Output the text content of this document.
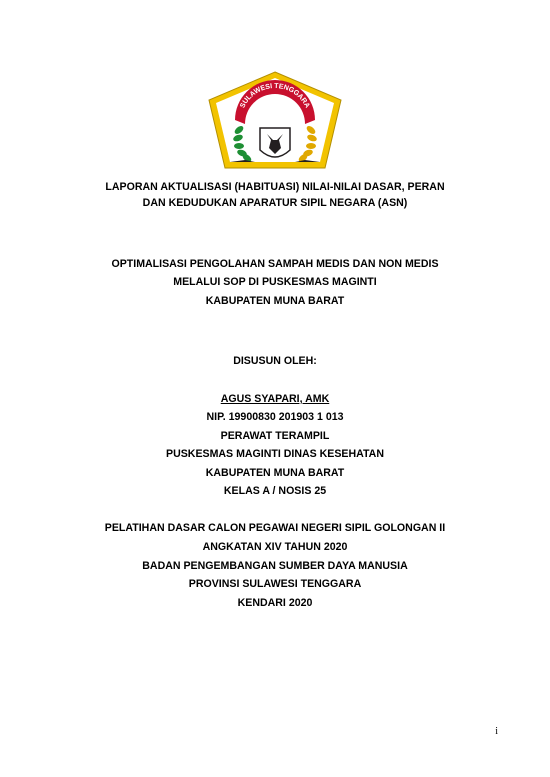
SULAWESI TENGGARA
LAPORAN AKTUALISASI (HABITUASI) NILAI-NILAI DASAR, PERAN
DAN KEDUDUKAN APARATUR SIPIL NEGARA (ASN)
OPTIMALISASI PENGOLAHAN SAMPAH MEDIS DAN NON MEDIS
MELALUI SOP DI PUSKESMAS MAGINTI
KABUPATEN MUNA BARAT
DISUSUN OLEH:
AGUS SYAPARI, AMK
NIP. 19900830 201903 1 013
PERAWAT TERAMPIL
PUSKESMAS MAGINTI DINAS KESEHATAN
KABUPATEN MUNA BARAT
KELAS A / NOSIS 25
PELATIHAN DASAR CALON PEGAWAI NEGERI SIPIL GOLONGAN II
ANGKATAN XIV TAHUN 2020
BADAN PENGEMBANGAN SUMBER DAYA MANUSIA
PROVINSI SULAWESI TENGGARA
KENDARI 2020
i
